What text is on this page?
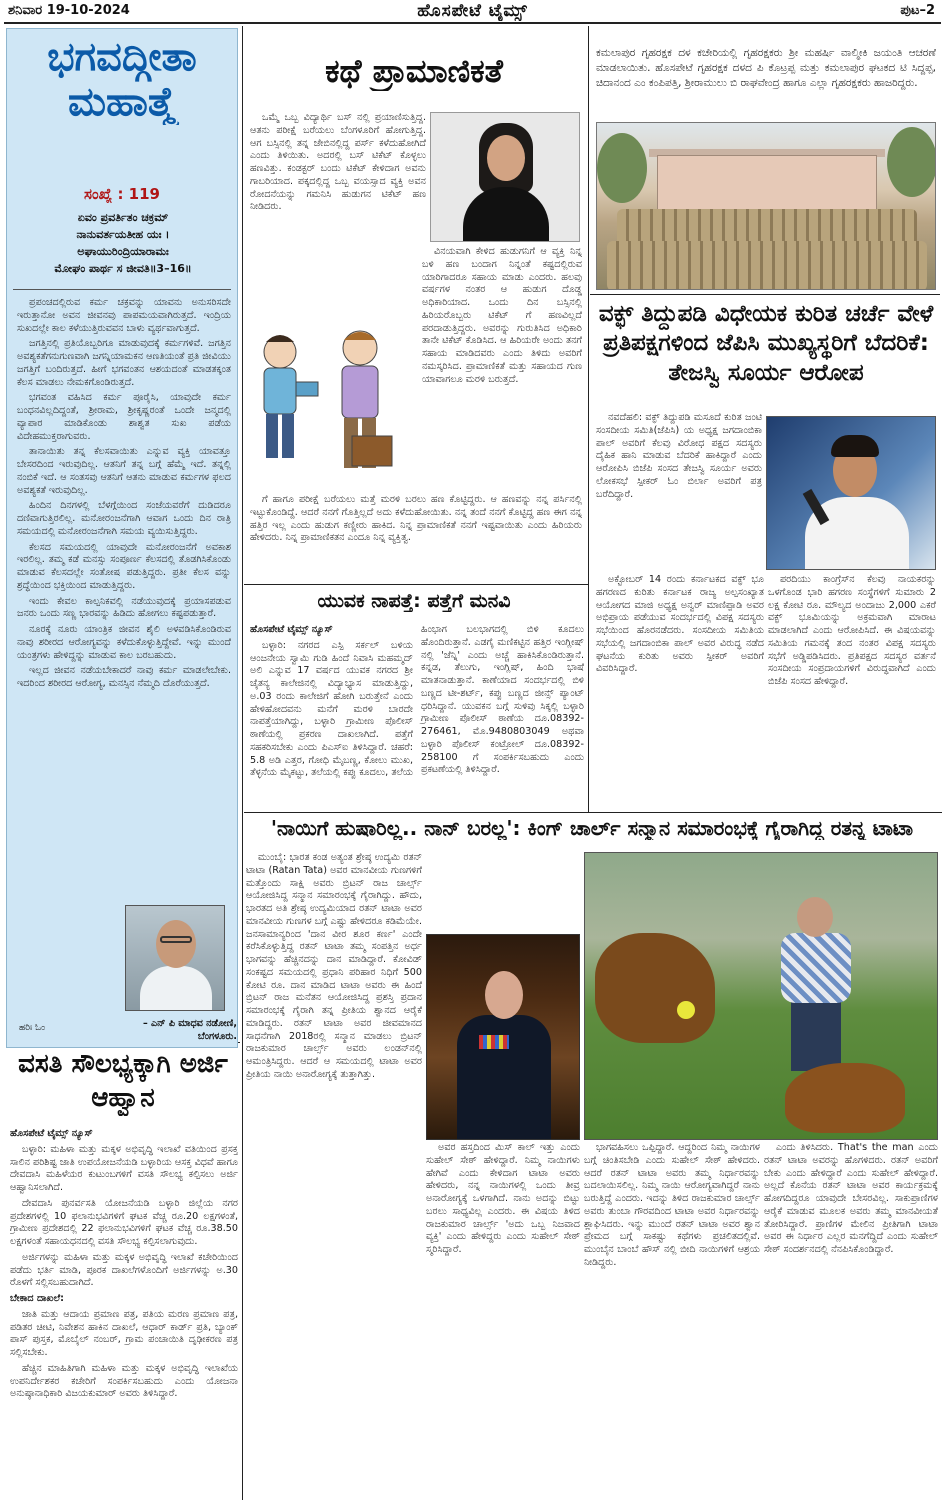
ಶನಿವಾರ 19-10-2024	ಹೊಸಪೇಟೆ ಟೈಮ್ಸ್	ಪುಟ–2
ಭಗವದ್ಗೀತಾ ಮಹಾತ್ಮೆ
ಸಂಖ್ಯೆ : 119
ಏವಂ ಪ್ರವರ್ತಿತಂ ಚಕ್ರಮ್
ನಾನುವರ್ತಯತೀಹ ಯಃ ।
ಅಘಾಯುರಿಂದ್ರಿಯಾರಾಮಃ
ಮೋಘಂ ಪಾರ್ಥ ಸ ಜೀವತಿ॥3–16॥

ಪ್ರಪಂಚದಲ್ಲಿರುವ ಕರ್ಮ ಚಕ್ರವನ್ನು ಯಾವನು ಅನುಸರಿಸದೇ ಇರುತ್ತಾನೋ ಅವನ ಜೀವನವು ಪಾಪಮಯವಾಗಿರುತ್ತದೆ. ಇಂದ್ರಿಯ ಸುಖದಲ್ಲೇ ಕಾಲ ಕಳೆಯುತ್ತಿರುವವನ ಬಾಳು ವ್ಯರ್ಥವಾಗುತ್ತದೆ.

ಜಗತ್ತಿನಲ್ಲಿ ಪ್ರತಿಯೊಬ್ಬರಿಗೂ ಮಾಡುವುದಕ್ಕೆ ಕರ್ಮಗಳಿವೆ. ಜಗತ್ತಿನ ಅವಶ್ಯಕತೆಗನುಗುಣವಾಗಿ ಜಗನ್ನಿಯಾಮಕನ ಆಣತಿಯಂತೆ ಪ್ರತಿ ಜೀವಿಯು ಜಗತ್ತಿಗೆ ಬಂದಿರುತ್ತದೆ. ಹೀಗೆ ಭಗವಂತನ ಆಶಯದಂತೆ ಮಾಡತಕ್ಕಂತ ಕೆಲಸ ಮಾಡಲು ನೇಮಕಗೊಂಡಿರುತ್ತದೆ.

ಭಗವಂತ ವಹಿಸಿದ ಕರ್ಮ ಪೂರೈಸಿ, ಯಾವುದೇ ಕರ್ಮ ಬಂಧನವಿಲ್ಲದಿದ್ದಂತೆ, ಶ್ರೀರಾಮ, ಶ್ರೀಕೃಷ್ಣರಂತೆ ಒಂದೇ ಜನ್ಮದಲ್ಲಿ ವ್ಯಾಪಾರ ಮಾಡಿಕೊಂಡು ಶಾಶ್ವತ ಸುಖ ಪಡೆಯ ವಿದೇಹಮುಕ್ತರಾಗುವರು.

ತಾನಾಯಿತು ತನ್ನ ಕೆಲಸವಾಯಿತು ಎನ್ನುವ ವ್ಯಕ್ತಿ ಯಾವತ್ತೂ ಬೇಸರದಿಂದ ಇರುವುದಿಲ್ಲ. ಆತನಿಗೆ ತನ್ನ ಬಗ್ಗೆ ಹೆಮ್ಮೆ ಇದೆ. ತನ್ನಲ್ಲಿ ನಂಬಿಕೆ ಇದೆ. ಆ ಸಂತಸವು ಆತನಿಗೆ ಆತನು ಮಾಡುವ ಕರ್ಮಗಳ ಫಲದ ಅವಶ್ಯಕತೆ ಇರುವುದಿಲ್ಲ.

ಹಿಂದಿನ ದಿನಗಳಲ್ಲಿ ಬೆಳಗ್ಗೆಯಿಂದ ಸಂಜೆಯವರೆಗೆ ದುಡಿದರೂ ದಣಿವಾಗುತ್ತಿರಲಿಲ್ಲ. ಮನೋರಂಜನೆಗಾಗಿ ಆವಾಗ ಒಂದು ದಿನ ರಾತ್ರಿ ಸಮಯದಲ್ಲಿ ಮನೋರಂಜನೆಗಾಗಿ ಸಮಯ ವ್ಯಯಿಸುತ್ತಿದ್ದರು.

ಕೆಲಸದ ಸಮಯದಲ್ಲಿ ಯಾವುದೇ ಮನೋರಂಜನೆಗೆ ಅವಕಾಶ ಇರಲಿಲ್ಲ. ತಮ್ಮ ಕಡೆ ಮನಸ್ಸು ಸಂಪೂರ್ಣ ಕೆಲಸದಲ್ಲಿ ತೊಡಗಿಸಿಕೊಂಡು ಮಾಡುವ ಕೆಲಸದಲ್ಲೇ ಸಂತೋಷ ಪಡುತ್ತಿದ್ದರು. ಪ್ರತೀ ಕೆಲಸ ವನ್ನು ಶ್ರದ್ಧೆಯಿಂದ ಭಕ್ತಿಯಿಂದ ಮಾಡುತ್ತಿದ್ದರು.

ಇಂದು ಕೇವಲ ಕಾಲ್ಪನಿಕವಲ್ಲಿ ನಡೆಯುವುದಕ್ಕೆ ಪ್ರಯಾಸಪಡುವ ಜನರು ಒಂದು ಸಣ್ಣ ಭಾರವನ್ನು ಹಿಡಿದು ಹೋಗಲು ಕಷ್ಟಪಡುತ್ತಾರೆ.

ನೂರಕ್ಕೆ ನೂರು ಯಾಂತ್ರಿಕ ಜೀವನ ಶೈಲಿ ಅಳವಡಿಸಿಕೊಂಡಿರುವ ನಾವು ಶರೀರದ ಆರೋಗ್ಯವನ್ನು ಕಳೆದುಕೊಳ್ಳುತ್ತಿದ್ದೇವೆ. ಇನ್ನು ಮುಂದೆ ಯಂತ್ರಗಳು ಹೇಳಿದ್ದನ್ನು ಮಾಡುವ ಕಾಲ ಬರಬಹುದು.

ಇಲ್ಲದ ಜೀವನ ನಡೆಯಬೇಕಾದರೆ ನಾವು ಕರ್ಮ ಮಾಡಲೇಬೇಕು. ಇದರಿಂದ ಶರೀರದ ಆರೋಗ್ಯ, ಮನಸ್ಸಿನ ನೆಮ್ಮದಿ ದೊರೆಯುತ್ತದೆ.

ಹರಿಃ ಓಂ	– ಎನ್ ಪಿ ಮಾಧವ ನಡೋಣಿ,
ಬೆಂಗಳೂರು.
ಕಥೆ ಪ್ರಾಮಾಣಿಕತೆ

ಒಮ್ಮೆ ಒಬ್ಬ ವಿದ್ಯಾರ್ಥಿ ಬಸ್ ನಲ್ಲಿ ಪ್ರಯಾಣಿಸುತ್ತಿದ್ದ. ಆತನು ಪರೀಕ್ಷೆ ಬರೆಯಲು ಬೆಂಗಳೂರಿಗೆ ಹೋಗುತ್ತಿದ್ದ. ಆಗ ಬಸ್ಸಿನಲ್ಲಿ ತನ್ನ ಜೇಬಿನಲ್ಲಿದ್ದ ಪರ್ಸ್ ಕಳೆದುಹೋಗಿದೆ ಎಂದು ತಿಳಿಯಿತು. ಅದರಲ್ಲಿ ಬಸ್ ಟಿಕೆಟ್ ಕೊಳ್ಳಲು ಹಣವಿತ್ತು. ಕಂಡಕ್ಟರ್ ಬಂದು ಟಿಕೆಟ್ ಕೇಳಿದಾಗ ಅವನು ಗಾಬರಿಯಾದ. ಪಕ್ಕದಲ್ಲಿದ್ದ ಒಬ್ಬ ವಯಸ್ಸಾದ ವ್ಯಕ್ತಿ ಅವನ ರೋದನೆಯನ್ನು ಗಮನಿಸಿ ಹುಡುಗನ ಟಿಕೆಟ್ ಹಣ ನೀಡಿದರು.

ವಿನಯವಾಗಿ ಕೇಳಿದ ಹುಡುಗನಿಗೆ ಆ ವ್ಯಕ್ತಿ ನಿನ್ನ ಬಳಿ ಹಣ ಬಂದಾಗ ನಿನ್ನಂತೆ ಕಷ್ಟದಲ್ಲಿರುವ ಯಾರಿಗಾದರೂ ಸಹಾಯ ಮಾಡು ಎಂದರು. ಹಲವು ವರ್ಷಗಳ ನಂತರ ಆ ಹುಡುಗ ದೊಡ್ಡ ಅಧಿಕಾರಿಯಾದ. ಒಂದು ದಿನ ಬಸ್ಸಿನಲ್ಲಿ ಹಿರಿಯರೊಬ್ಬರು ಟಿಕೆಟ್ ಗೆ ಹಣವಿಲ್ಲದೆ ಪರದಾಡುತ್ತಿದ್ದರು. ಅವರನ್ನು ಗುರುತಿಸಿದ ಅಧಿಕಾರಿ ತಾನೇ ಟಿಕೆಟ್ ಕೊಡಿಸಿದ. ಆ ಹಿರಿಯರೇ ಅಂದು ತನಗೆ ಸಹಾಯ ಮಾಡಿದವರು ಎಂದು ತಿಳಿದು ಅವರಿಗೆ ನಮಸ್ಕರಿಸಿದ. ಪ್ರಾಮಾಣಿಕತೆ ಮತ್ತು ಸಹಾಯದ ಗುಣ ಯಾವಾಗಲೂ ಮರಳಿ ಬರುತ್ತದೆ.

ಗೆ ಹಾಗೂ ಪರೀಕ್ಷೆ ಬರೆಯಲು ಮತ್ತೆ ಮರಳಿ ಬರಲು ಹಣ ಕೊಟ್ಟಿದ್ದರು. ಆ ಹಣವನ್ನು ನನ್ನ ಪರ್ಸಿನಲ್ಲಿ ಇಟ್ಟುಕೊಂಡಿದ್ದೆ. ಆದರೆ ನನಗೆ ಗೊತ್ತಿಲ್ಲದೆ ಅದು ಕಳೆದುಹೋಯಿತು. ನನ್ನ ತಂದೆ ನನಗೆ ಕೊಟ್ಟಿದ್ದ ಹಣ ಈಗ ನನ್ನ ಹತ್ತಿರ ಇಲ್ಲ ಎಂದು ಹುಡುಗ ಕಣ್ಣೀರು ಹಾಕಿದ. ನಿನ್ನ ಪ್ರಾಮಾಣಿಕತೆ ನನಗೆ ಇಷ್ಟವಾಯಿತು ಎಂದು ಹಿರಿಯರು ಹೇಳಿದರು. ನಿನ್ನ ಪ್ರಾಮಾಣಿಕತನ ಎಂದೂ ನಿನ್ನ ವ್ಯಕ್ತಿತ್ವ.

ಯುವಕ ನಾಪತ್ತೆ: ಪತ್ತೆಗೆ ಮನವಿ

ಹೊಸಪೇಟೆ ಟೈಮ್ಸ್ ನ್ಯೂಸ್

ಬಳ್ಳಾರಿ: ನಗರದ ಎಸ್ಪಿ ಸರ್ಕಲ್ ಬಳಿಯ ಆಂಜನೇಯ ಸ್ವಾಮಿ ಗುಡಿ ಹಿಂದೆ ನಿವಾಸಿ ಮಹಮ್ಮದ್ ಅಲಿ ಎನ್ನುವ 17 ವರ್ಷದ ಯುವಕ ನಗರದ ಶ್ರೀ ಚೈತನ್ಯ ಕಾಲೇಜಿನಲ್ಲಿ ವಿದ್ಯಾಭ್ಯಾಸ ಮಾಡುತ್ತಿದ್ದು, ಅ.03 ರಂದು ಕಾಲೇಜಿಗೆ ಹೋಗಿ ಬರುತ್ತೇನೆ ಎಂದು ಹೇಳಿಹೋದವನು ಮನೆಗೆ ಮರಳಿ ಬಾರದೇ ನಾಪತ್ತೆಯಾಗಿದ್ದು, ಬಳ್ಳಾರಿ ಗ್ರಾಮೀಣ ಪೊಲೀಸ್ ಠಾಣೆಯಲ್ಲಿ ಪ್ರಕರಣ ದಾಖಲಾಗಿದೆ. ಪತ್ತೆಗೆ ಸಹಕರಿಸಬೇಕು ಎಂದು ಪಿಎಸ್ಐ ತಿಳಿಸಿದ್ದಾರೆ. ಚಹರೆ: 5.8 ಅಡಿ ಎತ್ತರ, ಗೋಧಿ ಮೈಬಣ್ಣ, ಕೋಲು ಮುಖ, ತೆಳ್ಳನೆಯ ಮೈಕಟ್ಟು, ತಲೆಯಲ್ಲಿ ಕಪ್ಪು ಕೂದಲು, ತಲೆಯ ಹಿಂಭಾಗ ಬಲಭಾಗದಲ್ಲಿ ಬಿಳಿ ಕೂದಲು ಹೊಂದಿರುತ್ತಾನೆ. ಎಡಗೈ ಮಣಿಕಟ್ಟಿನ ಹತ್ತಿರ ಇಂಗ್ಲೀಷ್ ನಲ್ಲಿ 'ಜೆನ್ನಿ' ಎಂದು ಅಚ್ಚೆ ಹಾಕಿಸಿಕೊಂಡಿರುತ್ತಾನೆ. ಕನ್ನಡ, ತೆಲುಗು, ಇಂಗ್ಲಿಷ್, ಹಿಂದಿ ಭಾಷೆ ಮಾತನಾಡುತ್ತಾನೆ. ಕಾಣೆಯಾದ ಸಂದರ್ಭದಲ್ಲಿ ಬಿಳಿ ಬಣ್ಣದ ಟೀ-ಶರ್ಟ್, ಕಪ್ಪು ಬಣ್ಣದ ಜೀನ್ಸ್ ಪ್ಯಾಂಟ್ ಧರಿಸಿದ್ದಾನೆ. ಯುವಕನ ಬಗ್ಗೆ ಸುಳಿವು ಸಿಕ್ಕಲ್ಲಿ ಬಳ್ಳಾರಿ ಗ್ರಾಮೀಣ ಪೊಲೀಸ್ ಠಾಣೆಯ ದೂ.08392-276461, ಮೊ.9480803049 ಅಥವಾ ಬಳ್ಳಾರಿ ಪೊಲೀಸ್ ಕಂಟ್ರೋಲ್ ದೂ.08392-258100 ಗೆ ಸಂಪರ್ಕಿಸಬಹುದು ಎಂದು ಪ್ರಕಟಣೆಯಲ್ಲಿ ತಿಳಿಸಿದ್ದಾರೆ.

ಕಮಲಾಪುರ ಗೃಹರಕ್ಷಕ ದಳ ಕಚೇರಿಯಲ್ಲಿ ಗೃಹರಕ್ಷಕರು ಶ್ರೀ ಮಹರ್ಷಿ ವಾಲ್ಮೀಕಿ ಜಯಂತಿ ಆಚರಣೆ ಮಾಡಲಾಯಿತು. ಹೊಸಪೇಟೆ ಗೃಹರಕ್ಷಕ ದಳದ ಪಿ ಕೊಟ್ರಪ್ಪ ಮತ್ತು ಕಮಲಾಪುರ ಘಟಕದ ಟಿ ಸಿದ್ದಪ್ಪ, ಚಿದಾನಂದ ಎಂ ಕಂಪಿಪತ್ತಿ, ಶ್ರೀರಾಮುಲು ಬಿ ರಾಘವೇಂದ್ರ ಹಾಗೂ ಎಲ್ಲಾ ಗೃಹರಕ್ಷಕರು ಹಾಜರಿದ್ದರು.
ವಕ್ಫ್ ತಿದ್ದುಪಡಿ ವಿಧೇಯಕ ಕುರಿತ ಚರ್ಚೆ ವೇಳೆ ಪ್ರತಿಪಕ್ಷಗಳಿಂದ ಜೆಪಿಸಿ ಮುಖ್ಯಸ್ಥರಿಗೆ ಬೆದರಿಕೆ: ತೇಜಸ್ವಿ ಸೂರ್ಯ ಆರೋಪ

ನವದೆಹಲಿ: ವಕ್ಫ್ ತಿದ್ದುಪಡಿ ಮಸೂದೆ ಕುರಿತ ಜಂಟಿ ಸಂಸದೀಯ ಸಮಿತಿ(ಜೆಪಿಸಿ) ಯ ಅಧ್ಯಕ್ಷ ಜಗದಾಂಬಿಕಾ ಪಾಲ್ ಅವರಿಗೆ ಕೆಲವು ವಿರೋಧ ಪಕ್ಷದ ಸದಸ್ಯರು ದೈಹಿಕ ಹಾನಿ ಮಾಡುವ ಬೆದರಿಕೆ ಹಾಕಿದ್ದಾರೆ ಎಂದು ಆರೋಪಿಸಿ ಬಿಜೆಪಿ ಸಂಸದ ತೇಜಸ್ವಿ ಸೂರ್ಯ ಅವರು ಲೋಕಸಭೆ ಸ್ಪೀಕರ್ ಓಂ ಬಿರ್ಲಾ ಅವರಿಗೆ ಪತ್ರ ಬರೆದಿದ್ದಾರೆ.

ಅಕ್ಟೋಬರ್ 14 ರಂದು ಕರ್ನಾಟಕದ ವಕ್ಫ್ ಭೂ ಹಗರಣದ ಕುರಿತು ಕರ್ನಾಟಕ ರಾಜ್ಯ ಅಲ್ಪಸಂಖ್ಯಾತ ಆಯೋಗದ ಮಾಜಿ ಅಧ್ಯಕ್ಷ ಅನ್ವರ್ ಮಾಣಿಪ್ಪಾಡಿ ಅವರ ಅಭಿಪ್ರಾಯ ಪಡೆಯುವ ಸಂದರ್ಭದಲ್ಲಿ ವಿಪಕ್ಷ ಸದಸ್ಯರು ಸಭೆಯಿಂದ ಹೊರನಡೆದರು. ಸಂಸದೀಯ ಸಮಿತಿಯ ಸಭೆಯಲ್ಲಿ ಜಗದಾಂಬಿಕಾ ಪಾಲ್ ಅವರ ವಿರುದ್ಧ ನಡೆದ ಘಟನೆಯ ಕುರಿತು ಅವರು ಸ್ಪೀಕರ್ ಅವರಿಗೆ ವಿವರಿಸಿದ್ದಾರೆ.

ಪರದಿಯು ಕಾಂಗ್ರೆಸ್‌ನ ಕೆಲವು ನಾಯಕರನ್ನು ಒಳಗೊಂಡ ಭಾರಿ ಹಗರಣ ಸಂಸ್ಥೆಗಳಿಗೆ ಸುಮಾರು 2 ಲಕ್ಷ ಕೋಟಿ ರೂ. ಮೌಲ್ಯದ ಅಂದಾಜು 2,000 ಎಕರೆ ವಕ್ಫ್ ಭೂಮಿಯನ್ನು ಅಕ್ರಮವಾಗಿ ಮಾರಾಟ ಮಾಡಲಾಗಿದೆ ಎಂದು ಆರೋಪಿಸಿದೆ. ಈ ವಿಷಯವನ್ನು ಸಮಿತಿಯ ಗಮನಕ್ಕೆ ತಂದ ನಂತರ ವಿಪಕ್ಷ ಸದಸ್ಯರು ಸಭೆಗೆ ಅಡ್ಡಿಪಡಿಸಿದರು. ಪ್ರತಿಪಕ್ಷದ ಸದಸ್ಯರ ವರ್ತನೆ ಸಂಸದೀಯ ಸಂಪ್ರದಾಯಗಳಿಗೆ ವಿರುದ್ಧವಾಗಿದೆ ಎಂದು ಬಿಜೆಪಿ ಸಂಸದ ಹೇಳಿದ್ದಾರೆ.

'ನಾಯಿಗೆ ಹುಷಾರಿಲ್ಲ.. ನಾನ್ ಬರಲ್ಲ': ಕಿಂಗ್ ಚಾರ್ಲ್ ಸನ್ಮಾನ ಸಮಾರಂಭಕ್ಕೆ ಗೈರಾಗಿದ್ದ ರತನ್ನ ಟಾಟಾ

ಮುಂಬೈ: ಭಾರತ ಕಂಡ ಅತ್ಯಂತ ಶ್ರೇಷ್ಠ ಉದ್ಯಮಿ ರತನ್ ಟಾಟಾ (Ratan Tata) ಅವರ ಮಾನವೀಯ ಗುಣಗಳಿಗೆ ಮತ್ತೊಂದು ಸಾಕ್ಷಿ ಅವರು ಬ್ರಿಟನ್ ರಾಜ ಚಾರ್ಲ್ಸ್ ಆಯೋಜಿಸಿದ್ದ ಸನ್ಮಾನ ಸಮಾರಂಭಕ್ಕೆ ಗೈರಾಗಿದ್ದು. ಹೌದು, ಭಾರತದ ಅತಿ ಶ್ರೇಷ್ಠ ಉದ್ಯಮಿಯಾದ ರತನ್ ಟಾಟಾ ಅವರ ಮಾನವೀಯ ಗುಣಗಳ ಬಗ್ಗೆ ಎಷ್ಟು ಹೇಳಿದರೂ ಕಡಿಮೆಯೇ. ಜನಸಾಮಾನ್ಯರಿಂದ 'ದಾನ ವೀರ ಶೂರ ಕರ್ಣ' ಎಂದೇ ಕರೆಸಿಕೊಳ್ಳುತ್ತಿದ್ದ ರತನ್ ಟಾಟಾ ತಮ್ಮ ಸಂಪತ್ತಿನ ಅರ್ಧ ಭಾಗವನ್ನು ಹೆಚ್ಚಿನದನ್ನು ದಾನ ಮಾಡಿದ್ದಾರೆ. ಕೋವಿಡ್ ಸಂಕಷ್ಟದ ಸಮಯದಲ್ಲಿ ಪ್ರಧಾನಿ ಪರಿಹಾರ ನಿಧಿಗೆ 500 ಕೋಟಿ ರೂ. ದಾನ ಮಾಡಿದ ಟಾಟಾ ಅವರು ಈ ಹಿಂದೆ ಬ್ರಿಟನ್ ರಾಜ ಮನೆತನ ಆಯೋಜಿಸಿದ್ದ ಪ್ರಶಸ್ತಿ ಪ್ರದಾನ ಸಮಾರಂಭಕ್ಕೆ ಗೈರಾಗಿ ತನ್ನ ಪ್ರೀತಿಯ ಶ್ವಾನದ ಆರೈಕೆ ಮಾಡಿದ್ದರು. ರತನ್ ಟಾಟಾ ಅವರ ಜೀವಮಾನದ ಸಾಧನೆಗಾಗಿ 2018ರಲ್ಲಿ ಸನ್ಮಾನ ಮಾಡಲು ಬ್ರಿಟನ್ ರಾಜಕುಮಾರ ಚಾರ್ಲ್ಸ್ ಅವರು ಲಂಡನ್‌ನಲ್ಲಿ ಆಮಂತ್ರಿಸಿದ್ದರು. ಆದರೆ ಆ ಸಮಯದಲ್ಲಿ ಟಾಟಾ ಅವರ ಪ್ರೀತಿಯ ನಾಯಿ ಅನಾರೋಗ್ಯಕ್ಕೆ ತುತ್ತಾಗಿತ್ತು.

ಅವರ ಹಸ್ತದಿಂದ ಮಿಸ್ ಕಾಲ್ ಇತ್ತು ಎಂದು ಸುಹೇಲ್ ಸೇಠ್ ಹೇಳಿದ್ದಾರೆ. ನಿಮ್ಮ ನಾಯಿಗಳು ಹೇಗಿವೆ ಎಂದು ಕೇಳಿದಾಗ ಟಾಟಾ ಅವರು ಹೇಳಿದರು, ನನ್ನ ನಾಯಿಗಳಲ್ಲಿ ಒಂದು ತೀವ್ರ ಅನಾರೋಗ್ಯಕ್ಕೆ ಒಳಗಾಗಿದೆ. ನಾನು ಅದನ್ನು ಬಿಟ್ಟು ಬರಲು ಸಾಧ್ಯವಿಲ್ಲ ಎಂದರು. ಈ ವಿಷಯ ತಿಳಿದ ರಾಜಕುಮಾರ ಚಾರ್ಲ್ಸ್ 'ಅದು ಒಬ್ಬ ನಿಜವಾದ ವ್ಯಕ್ತಿ' ಎಂದು ಹೇಳಿದ್ದರು ಎಂದು ಸುಹೇಲ್ ಸೇಠ್ ಸ್ಮರಿಸಿದ್ದಾರೆ.

ಭಾಗವಹಿಸಲು ಒಪ್ಪಿದ್ದಾರೆ. ಆದ್ದರಿಂದ ನಿಮ್ಮ ನಾಯಿಗಳ ಬಗ್ಗೆ ಚಿಂತಿಸಬೇಡಿ ಎಂದು ಸುಹೇಲ್ ಸೇಠ್ ಹೇಳಿದರು. ಆದರೆ ರತನ್ ಟಾಟಾ ಅವರು ತಮ್ಮ ನಿರ್ಧಾರವನ್ನು ಬದಲಾಯಿಸಲಿಲ್ಲ. ನಿಮ್ಮ ನಾಯಿ ಆರೋಗ್ಯವಾಗಿದ್ದರೆ ನಾನು ಬರುತ್ತಿದ್ದೆ ಎಂದರು. ಇದನ್ನು ತಿಳಿದ ರಾಜಕುಮಾರ ಚಾರ್ಲ್ಸ್ ಅವರು ತುಂಬಾ ಗೌರವದಿಂದ ಟಾಟಾ ಅವರ ನಿರ್ಧಾರವನ್ನು ಶ್ಲಾಘಿಸಿದರು. ಇನ್ನು ಮುಂದೆ ರತನ್ ಟಾಟಾ ಅವರ ಶ್ವಾನ ಪ್ರೇಮದ ಬಗ್ಗೆ ಸಾಕಷ್ಟು ಕಥೆಗಳು ಪ್ರಚಲಿತದಲ್ಲಿವೆ. ಮುಂಬೈನ ಬಾಂಬೆ ಹೌಸ್ ನಲ್ಲಿ ಬೀದಿ ನಾಯಿಗಳಿಗೆ ಆಶ್ರಯ ನೀಡಿದ್ದರು.

ಎಂದು ತಿಳಿಸಿದರು. That's the man ಎಂದು ರತನ್ ಟಾಟಾ ಅವರನ್ನು ಹೊಗಳಿದರು. ರತನ್ ಅವರಿಗೆ ಬೇಕು ಎಂದು ಹೇಳಿದ್ದಾರೆ ಎಂದು ಸುಹೇಲ್ ಹೇಳಿದ್ದಾರೆ. ಅಲ್ಲದೆ ಕೊನೆಯ ರತನ್ ಟಾಟಾ ಅವರ ಕಾರ್ಯಕ್ರಮಕ್ಕೆ ಹೋಗದಿದ್ದರೂ ಯಾವುದೇ ಬೇಸರವಿಲ್ಲ. ಸಾಕುಪ್ರಾಣಿಗಳ ಆರೈಕೆ ಮಾಡುವ ಮೂಲಕ ಅವರು ತಮ್ಮ ಮಾನವೀಯತೆ ತೋರಿಸಿದ್ದಾರೆ. ಪ್ರಾಣಿಗಳ ಮೇಲಿನ ಪ್ರೀತಿಗಾಗಿ ಟಾಟಾ ಅವರ ಈ ನಿರ್ಧಾರ ಎಲ್ಲರ ಮನಗೆದ್ದಿದೆ ಎಂದು ಸುಹೇಲ್ ಸೇಠ್ ಸಂದರ್ಶನದಲ್ಲಿ ನೆನಪಿಸಿಕೊಂಡಿದ್ದಾರೆ.

ವಸತಿ ಸೌಲಭ್ಯಕ್ಕಾಗಿ ಅರ್ಜಿ ಆಹ್ವಾನ

ಹೊಸಪೇಟೆ ಟೈಮ್ಸ್ ನ್ಯೂಸ್

ಬಳ್ಳಾರಿ: ಮಹಿಳಾ ಮತ್ತು ಮಕ್ಕಳ ಅಭಿವೃದ್ಧಿ ಇಲಾಖೆ ವತಿಯಿಂದ ಪ್ರಸಕ್ತ ಸಾಲಿನ ಪರಿಶಿಷ್ಟ ಜಾತಿ ಉಪಯೋಜನೆಯಡಿ ಬಳ್ಳಾರಿಯ ಆಸಕ್ತ ವಿಧವೆ ಹಾಗೂ ದೇವದಾಸಿ ಮಹಿಳೆಯರ ಕುಟುಂಬಗಳಿಗೆ ವಸತಿ ಸೌಲಭ್ಯ ಕಲ್ಪಿಸಲು ಅರ್ಜಿ ಆಹ್ವಾನಿಸಲಾಗಿದೆ.

ದೇವದಾಸಿ ಪುನರ್ವಸತಿ ಯೋಜನೆಯಡಿ ಬಳ್ಳಾರಿ ಜಿಲ್ಲೆಯ ನಗರ ಪ್ರದೇಶಗಳಲ್ಲಿ 10 ಫಲಾನುಭವಿಗಳಿಗೆ ಘಟಕ ವೆಚ್ಚ ರೂ.20 ಲಕ್ಷಗಳಂತೆ, ಗ್ರಾಮೀಣ ಪ್ರದೇಶದಲ್ಲಿ 22 ಫಲಾನುಭವಿಗಳಿಗೆ ಘಟಕ ವೆಚ್ಚ ರೂ.38.50 ಲಕ್ಷಗಳಂತೆ ಸಹಾಯಧನದಲ್ಲಿ ವಸತಿ ಸೌಲಭ್ಯ ಕಲ್ಪಿಸಲಾಗುವುದು.

ಅರ್ಜಿಗಳನ್ನು ಮಹಿಳಾ ಮತ್ತು ಮಕ್ಕಳ ಅಭಿವೃದ್ಧಿ ಇಲಾಖೆ ಕಚೇರಿಯಿಂದ ಪಡೆದು ಭರ್ತಿ ಮಾಡಿ, ಪೂರಕ ದಾಖಲೆಗಳೊಂದಿಗೆ ಅರ್ಜಿಗಳನ್ನು ಅ.30 ರೊಳಗೆ ಸಲ್ಲಿಸಬಹುದಾಗಿದೆ.

ಬೇಕಾದ ದಾಖಲೆ:

ಜಾತಿ ಮತ್ತು ಆದಾಯ ಪ್ರಮಾಣ ಪತ್ರ, ಪತಿಯ ಮರಣ ಪ್ರಮಾಣ ಪತ್ರ, ಪಡಿತರ ಚೀಟಿ, ನಿವೇಶನ ಹಾಕಿನ ದಾಖಲೆ, ಆಧಾರ್ ಕಾರ್ಡ್ ಪ್ರತಿ, ಬ್ಯಾಂಕ್ ಪಾಸ್ ಪುಸ್ತಕ, ಮೊಬೈಲ್ ನಂಬರ್, ಗ್ರಾಮ ಪಂಚಾಯಿತಿ ದೃಢೀಕರಣ ಪತ್ರ ಸಲ್ಲಿಸಬೇಕು.

ಹೆಚ್ಚಿನ ಮಾಹಿತಿಗಾಗಿ ಮಹಿಳಾ ಮತ್ತು ಮಕ್ಕಳ ಅಭಿವೃದ್ಧಿ ಇಲಾಖೆಯ ಉಪನಿರ್ದೇಶಕರ ಕಚೇರಿಗೆ ಸಂಪರ್ಕಿಸಬಹುದು ಎಂದು ಯೋಜನಾ ಅನುಷ್ಠಾನಾಧಿಕಾರಿ ವಿಜಯಕುಮಾರ್ ಅವರು ತಿಳಿಸಿದ್ದಾರೆ.
